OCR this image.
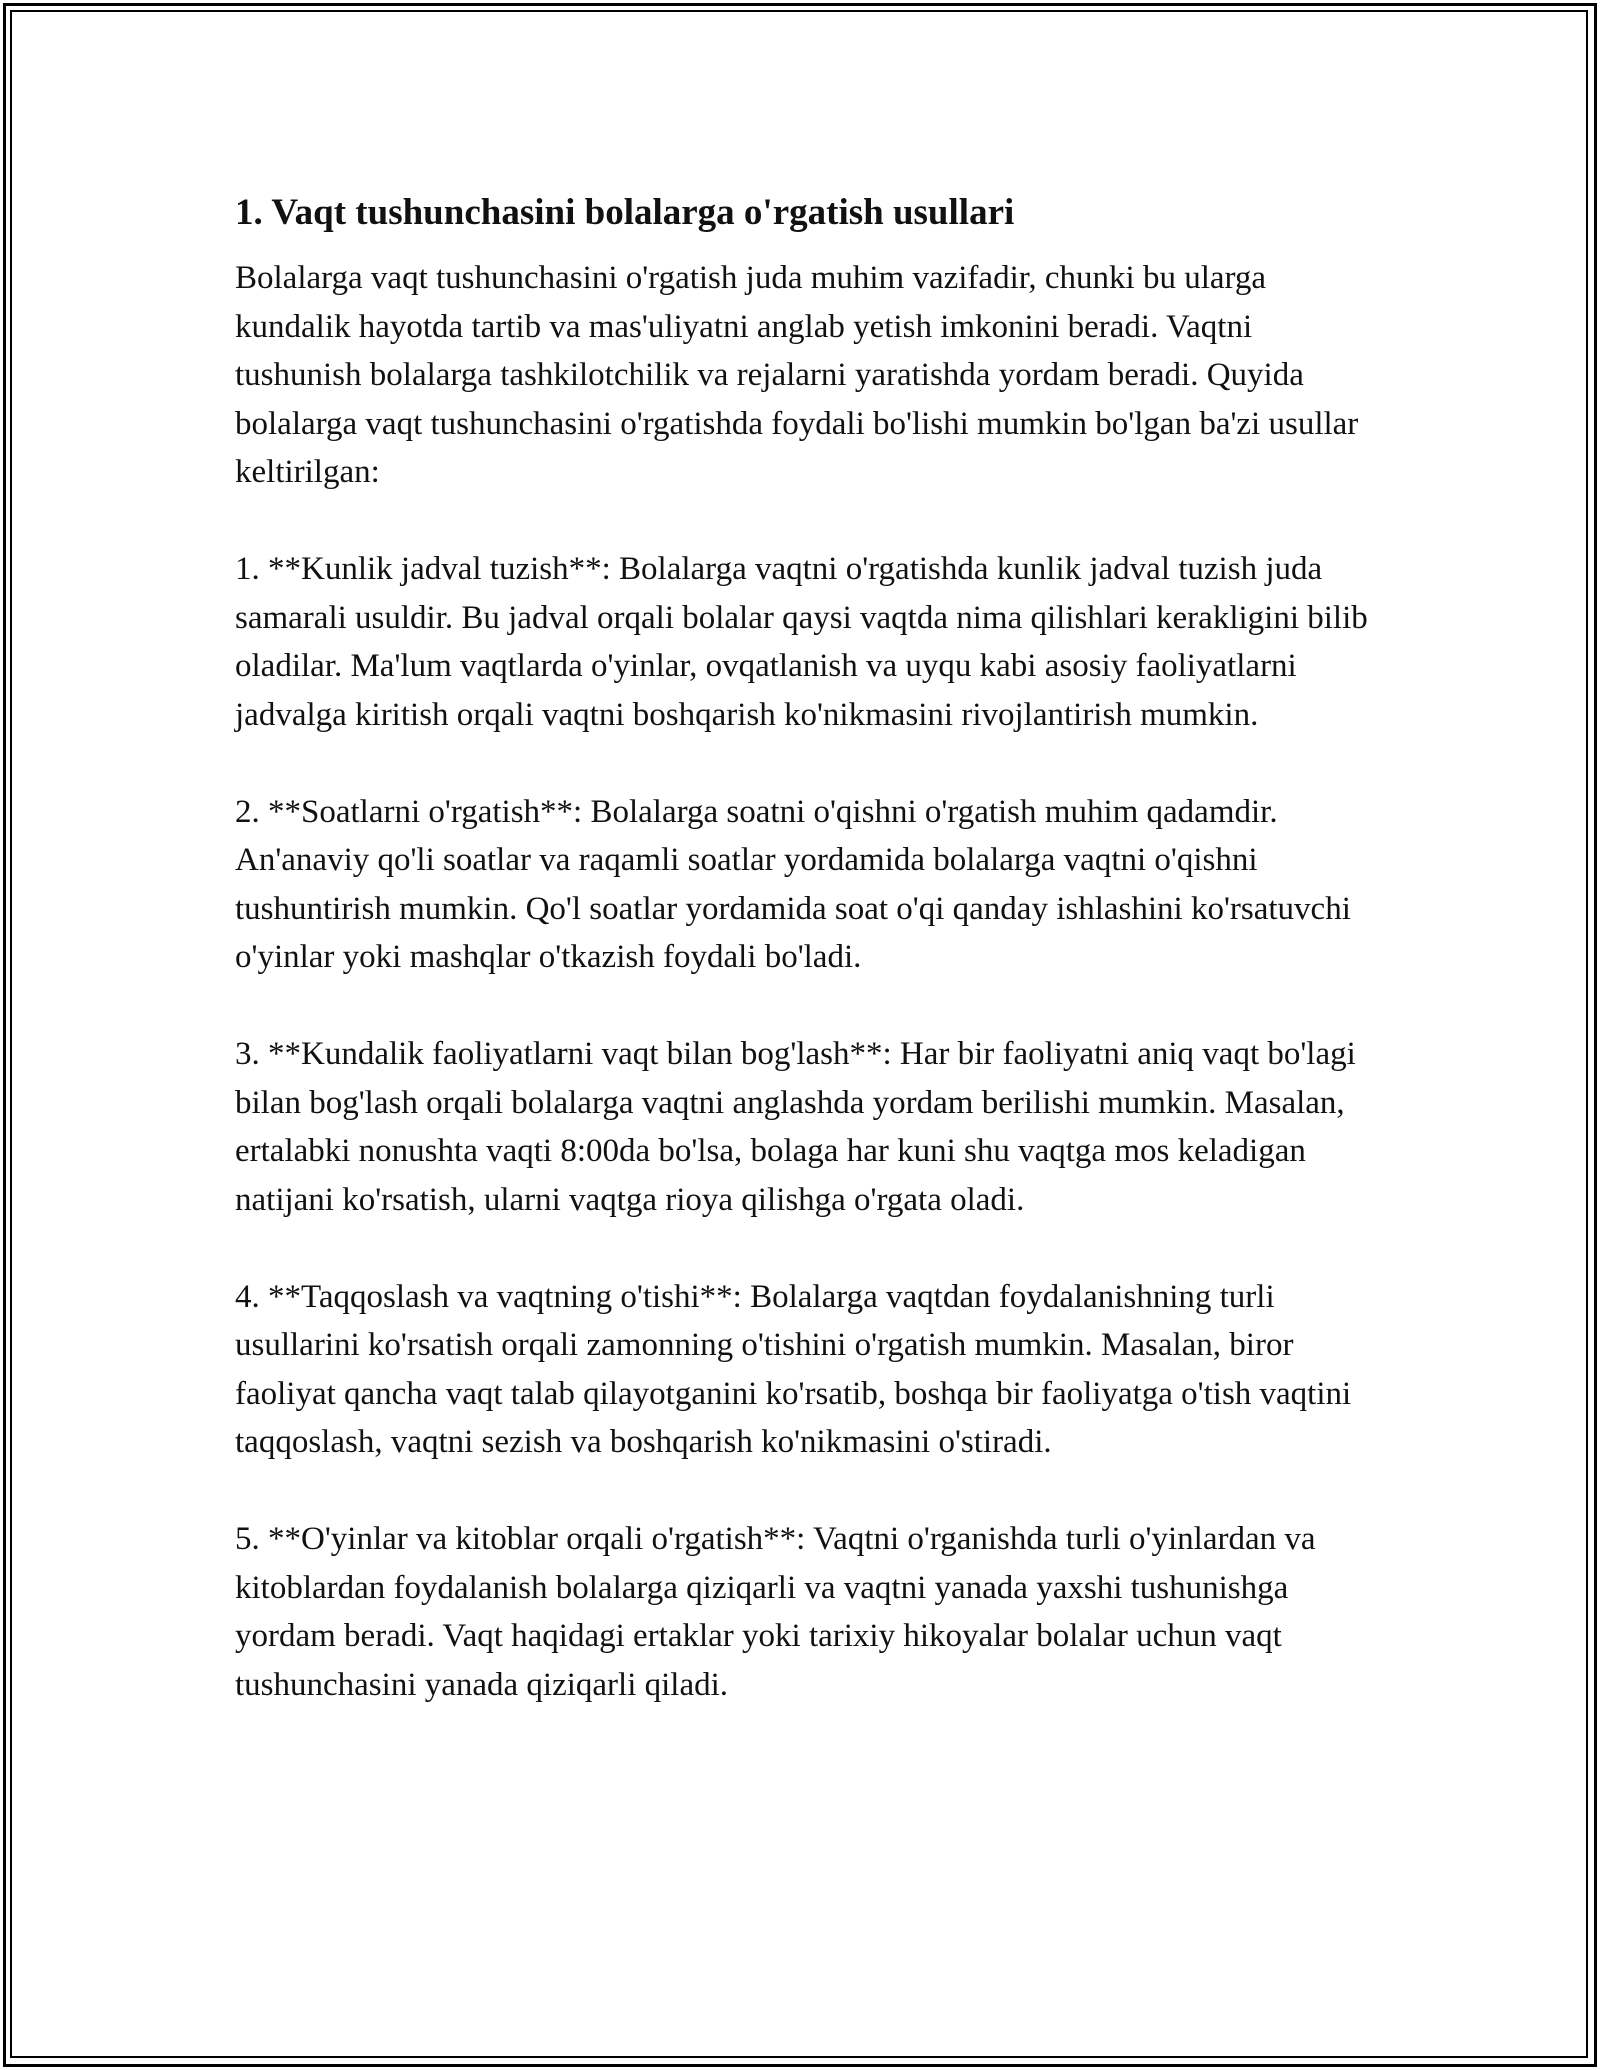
1. Vaqt tushunchasini bolalarga o'rgatish usullari

Bolalarga vaqt tushunchasini o'rgatish juda muhim vazifadir, chunki bu ularga kundalik hayotda tartib va mas'uliyatni anglab yetish imkonini beradi. Vaqtni tushunish bolalarga tashkilotchilik va rejalarni yaratishda yordam beradi. Quyida bolalarga vaqt tushunchasini o'rgatishda foydali bo'lishi mumkin bo'lgan ba'zi usullar keltirilgan:

1. **Kunlik jadval tuzish**: Bolalarga vaqtni o'rgatishda kunlik jadval tuzish juda samarali usuldir. Bu jadval orqali bolalar qaysi vaqtda nima qilishlari kerakligini bilib oladilar. Ma'lum vaqtlarda o'yinlar, ovqatlanish va uyqu kabi asosiy faoliyatlarni jadvalga kiritish orqali vaqtni boshqarish ko'nikmasini rivojlantirish mumkin.

2. **Soatlarni o'rgatish**: Bolalarga soatni o'qishni o'rgatish muhim qadamdir. An'anaviy qo'li soatlar va raqamli soatlar yordamida bolalarga vaqtni o'qishni tushuntirish mumkin. Qo'l soatlar yordamida soat o'qi qanday ishlashini ko'rsatuvchi o'yinlar yoki mashqlar o'tkazish foydali bo'ladi.

3. **Kundalik faoliyatlarni vaqt bilan bog'lash**: Har bir faoliyatni aniq vaqt bo'lagi bilan bog'lash orqali bolalarga vaqtni anglashda yordam berilishi mumkin. Masalan, ertalabki nonushta vaqti 8:00da bo'lsa, bolaga har kuni shu vaqtga mos keladigan natijani ko'rsatish, ularni vaqtga rioya qilishga o'rgata oladi.

4. **Taqqoslash va vaqtning o'tishi**: Bolalarga vaqtdan foydalanishning turli usullarini ko'rsatish orqali zamonning o'tishini o'rgatish mumkin. Masalan, biror faoliyat qancha vaqt talab qilayotganini ko'rsatib, boshqa bir faoliyatga o'tish vaqtini taqqoslash, vaqtni sezish va boshqarish ko'nikmasini o'stiradi.

5. **O'yinlar va kitoblar orqali o'rgatish**: Vaqtni o'rganishda turli o'yinlardan va kitoblardan foydalanish bolalarga qiziqarli va vaqtni yanada yaxshi tushunishga yordam beradi. Vaqt haqidagi ertaklar yoki tarixiy hikoyalar bolalar uchun vaqt tushunchasini yanada qiziqarli qiladi.
